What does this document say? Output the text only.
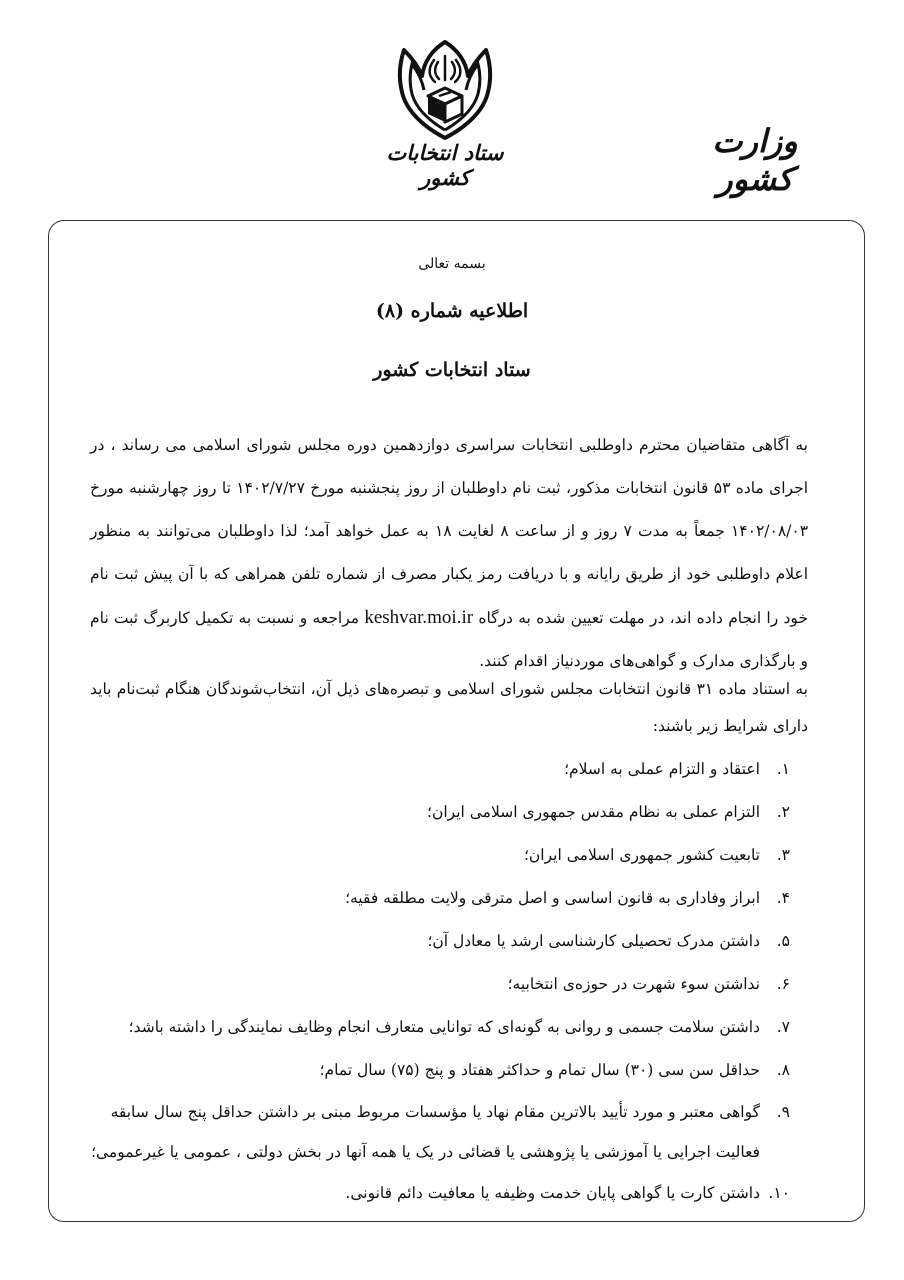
ستاد انتخابات کشور
وزارت کشور
بسمه تعالی
اطلاعیه شماره (۸)
ستاد انتخابات کشور
به آگاهی متقاضیان محترم داوطلبی انتخابات سراسری دوازدهمین دوره مجلس شورای اسلامی می رساند ، در اجرای ماده ۵۳ قانون انتخابات مذکور، ثبت نام داوطلبان از روز پنجشنبه مورخ ۱۴۰۲/۷/۲۷ تا روز چهارشنبه مورخ ۱۴۰۲/۰۸/۰۳ جمعاً به مدت ۷ روز و از ساعت ۸ لغایت ۱۸ به عمل خواهد آمد؛ لذا داوطلبان می‌توانند به منظور اعلام داوطلبی خود از طریق رایانه و با دریافت رمز یکبار مصرف از شماره تلفن همراهی که با آن پیش ثبت نام خود را انجام داده اند، در مهلت تعیین شده به درگاه keshvar.moi.ir مراجعه و نسبت به تکمیل کاربرگ ثبت نام و بارگذاری مدارک و گواهی‌های موردنیاز اقدام کنند.
به استناد ماده ۳۱ قانون انتخابات مجلس شورای اسلامی و تبصره‌های ذیل آن، انتخاب‌شوندگان هنگام ثبت‌نام باید دارای شرایط زیر باشند:
۱.
اعتقاد و التزام عملی به اسلام؛
۲.
التزام عملی به نظام مقدس جمهوری اسلامی ایران؛
۳.
تابعیت کشور جمهوری اسلامی ایران؛
۴.
ابراز وفاداری به قانون اساسی و اصل مترقی ولایت مطلقه فقیه؛
۵.
داشتن مدرک تحصیلی کارشناسی ارشد یا معادل آن؛
۶.
نداشتن سوء شهرت در حوزه‌ی انتخابیه؛
۷.
داشتن سلامت جسمی و روانی به گونه‌ای که توانایی متعارف انجام وظایف نمایندگی را داشته باشد؛
۸.
حداقل سن سی (۳۰) سال تمام و حداکثر هفتاد و پنج (۷۵) سال تمام؛
۹.
گواهی معتبر و مورد تأیید بالاترین مقام نهاد یا مؤسسات مربوط مبنی بر داشتن حداقل پنج سال سابقه فعالیت اجرایی یا آموزشی یا پژوهشی یا قضائی در یک یا همه آنها در بخش دولتی ، عمومی یا غیرعمومی؛
۱۰.
داشتن کارت یا گواهی پایان خدمت وظیفه یا معافیت دائم قانونی.
